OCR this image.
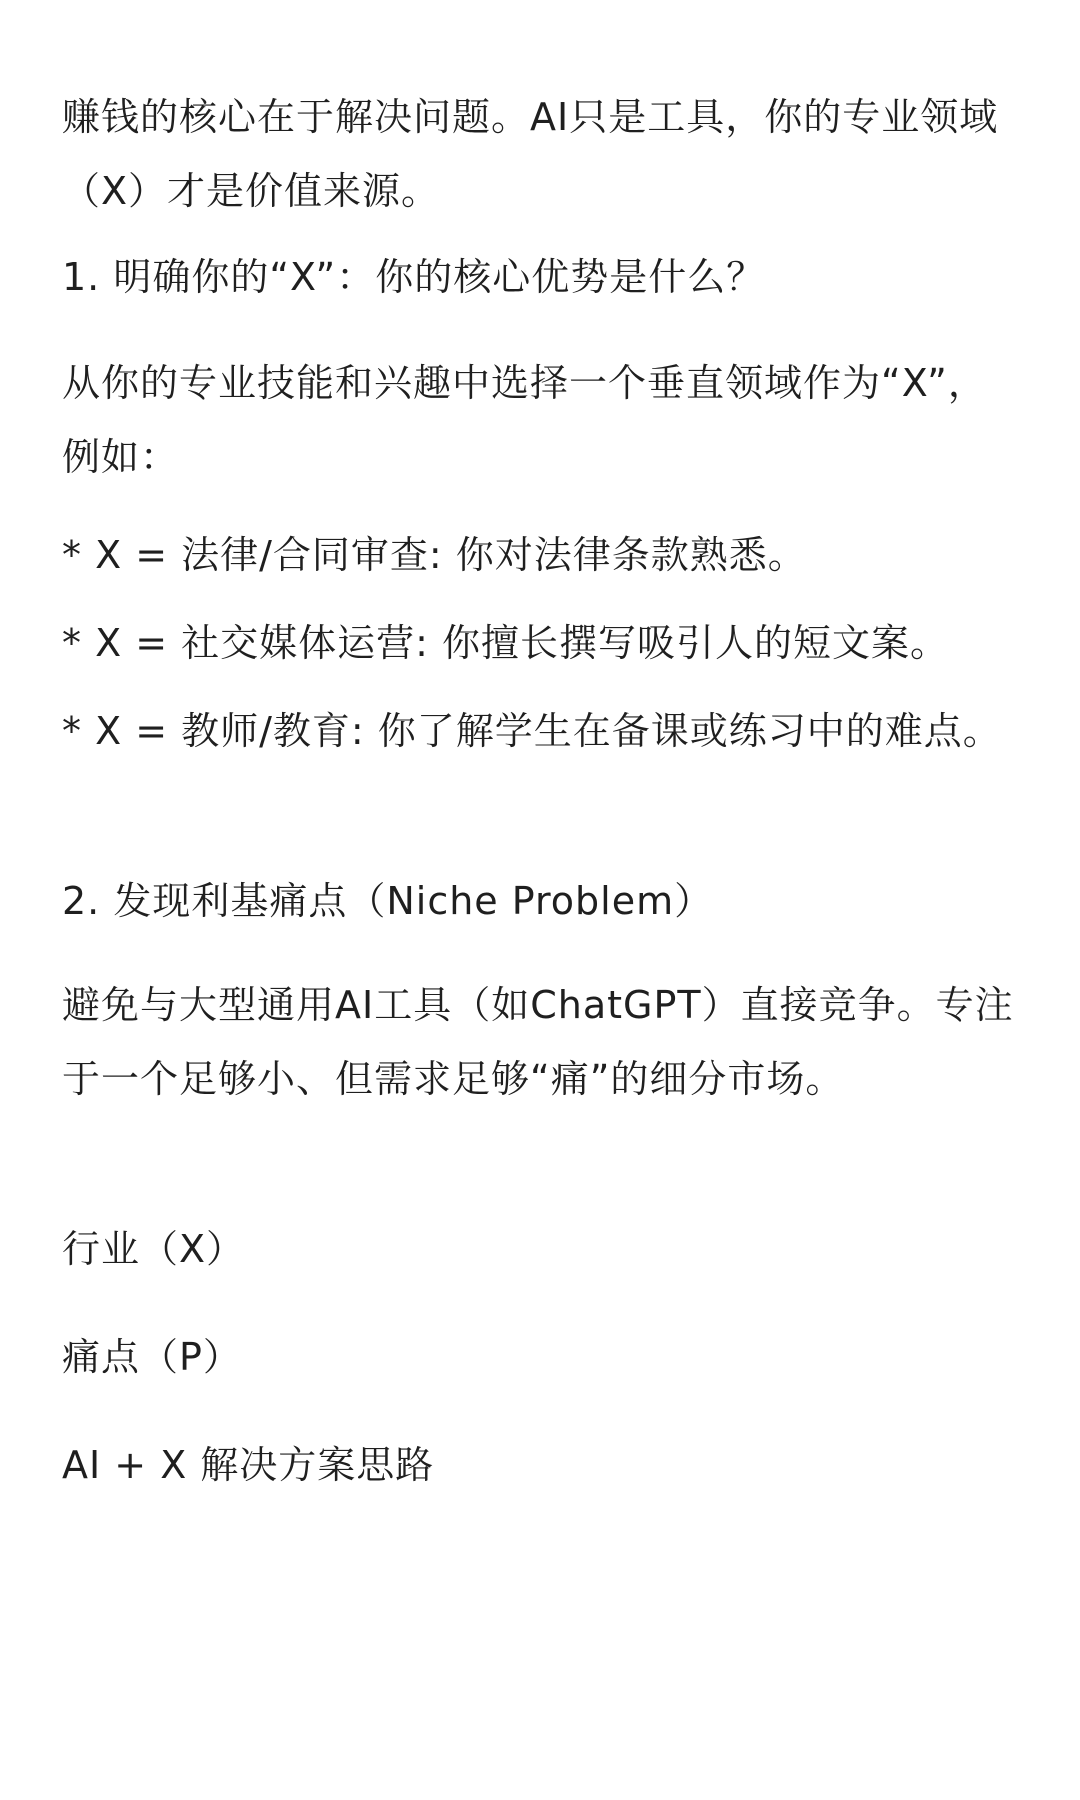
赚钱的核心在于解决问题。AI只是工具，你的专业领域（X）才是价值来源。
1. 明确你的“X”：你的核心优势是什么？
从你的专业技能和兴趣中选择一个垂直领域作为“X”，例如：
* X = 法律/合同审查: 你对法律条款熟悉。
* X = 社交媒体运营: 你擅长撰写吸引人的短文案。
* X = 教师/教育: 你了解学生在备课或练习中的难点。
2. 发现利基痛点（Niche Problem）
避免与大型通用AI工具（如ChatGPT）直接竞争。专注于一个足够小、但需求足够“痛”的细分市场。
行业（X）
痛点（P）
AI + X 解决方案思路
